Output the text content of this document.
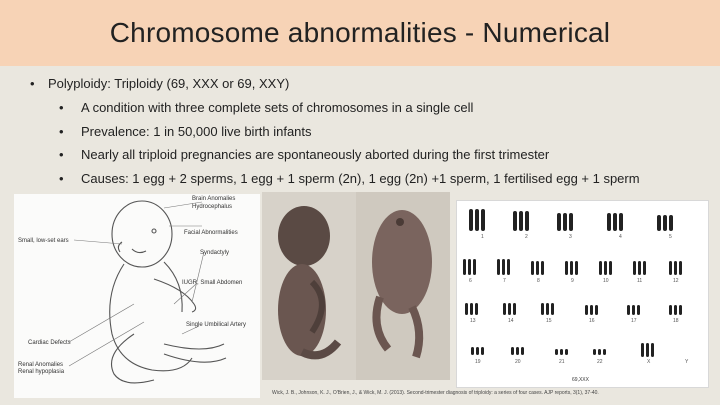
Chromosome abnormalities - Numerical
• Polyploidy: Triploidy (69, XXX or 69, XXY)
• A condition with three complete sets of chromosomes in a single cell
• Prevalence: 1 in 50,000 live birth infants
• Nearly all triploid pregnancies are spontaneously aborted during the first trimester
• Causes: 1 egg + 2 sperms, 1 egg + 1 sperm (2n), 1 egg (2n) +1 sperm, 1 fertilised egg + 1 sperm
Brain Anomalies
Hydrocephalus
Facial Abnormalities
Small, low-set ears
Syndactyly
Cardiac Defects
IUGR, Small Abdomen
Renal Anomalies
Renal hypoplasia
Single Umbilical Artery
1	2	3	4	5
6	7	8	9	10	11	12
13	14	15	16	17	18
19	20	21	22	X	Y
69,XXX
Wick, J. B., Johnson, K. J., O'Brien, J., & Wick, M. J. (2013). Second-trimester diagnosis of triploidy: a series of four cases. AJP reports, 3(1), 37-40.
